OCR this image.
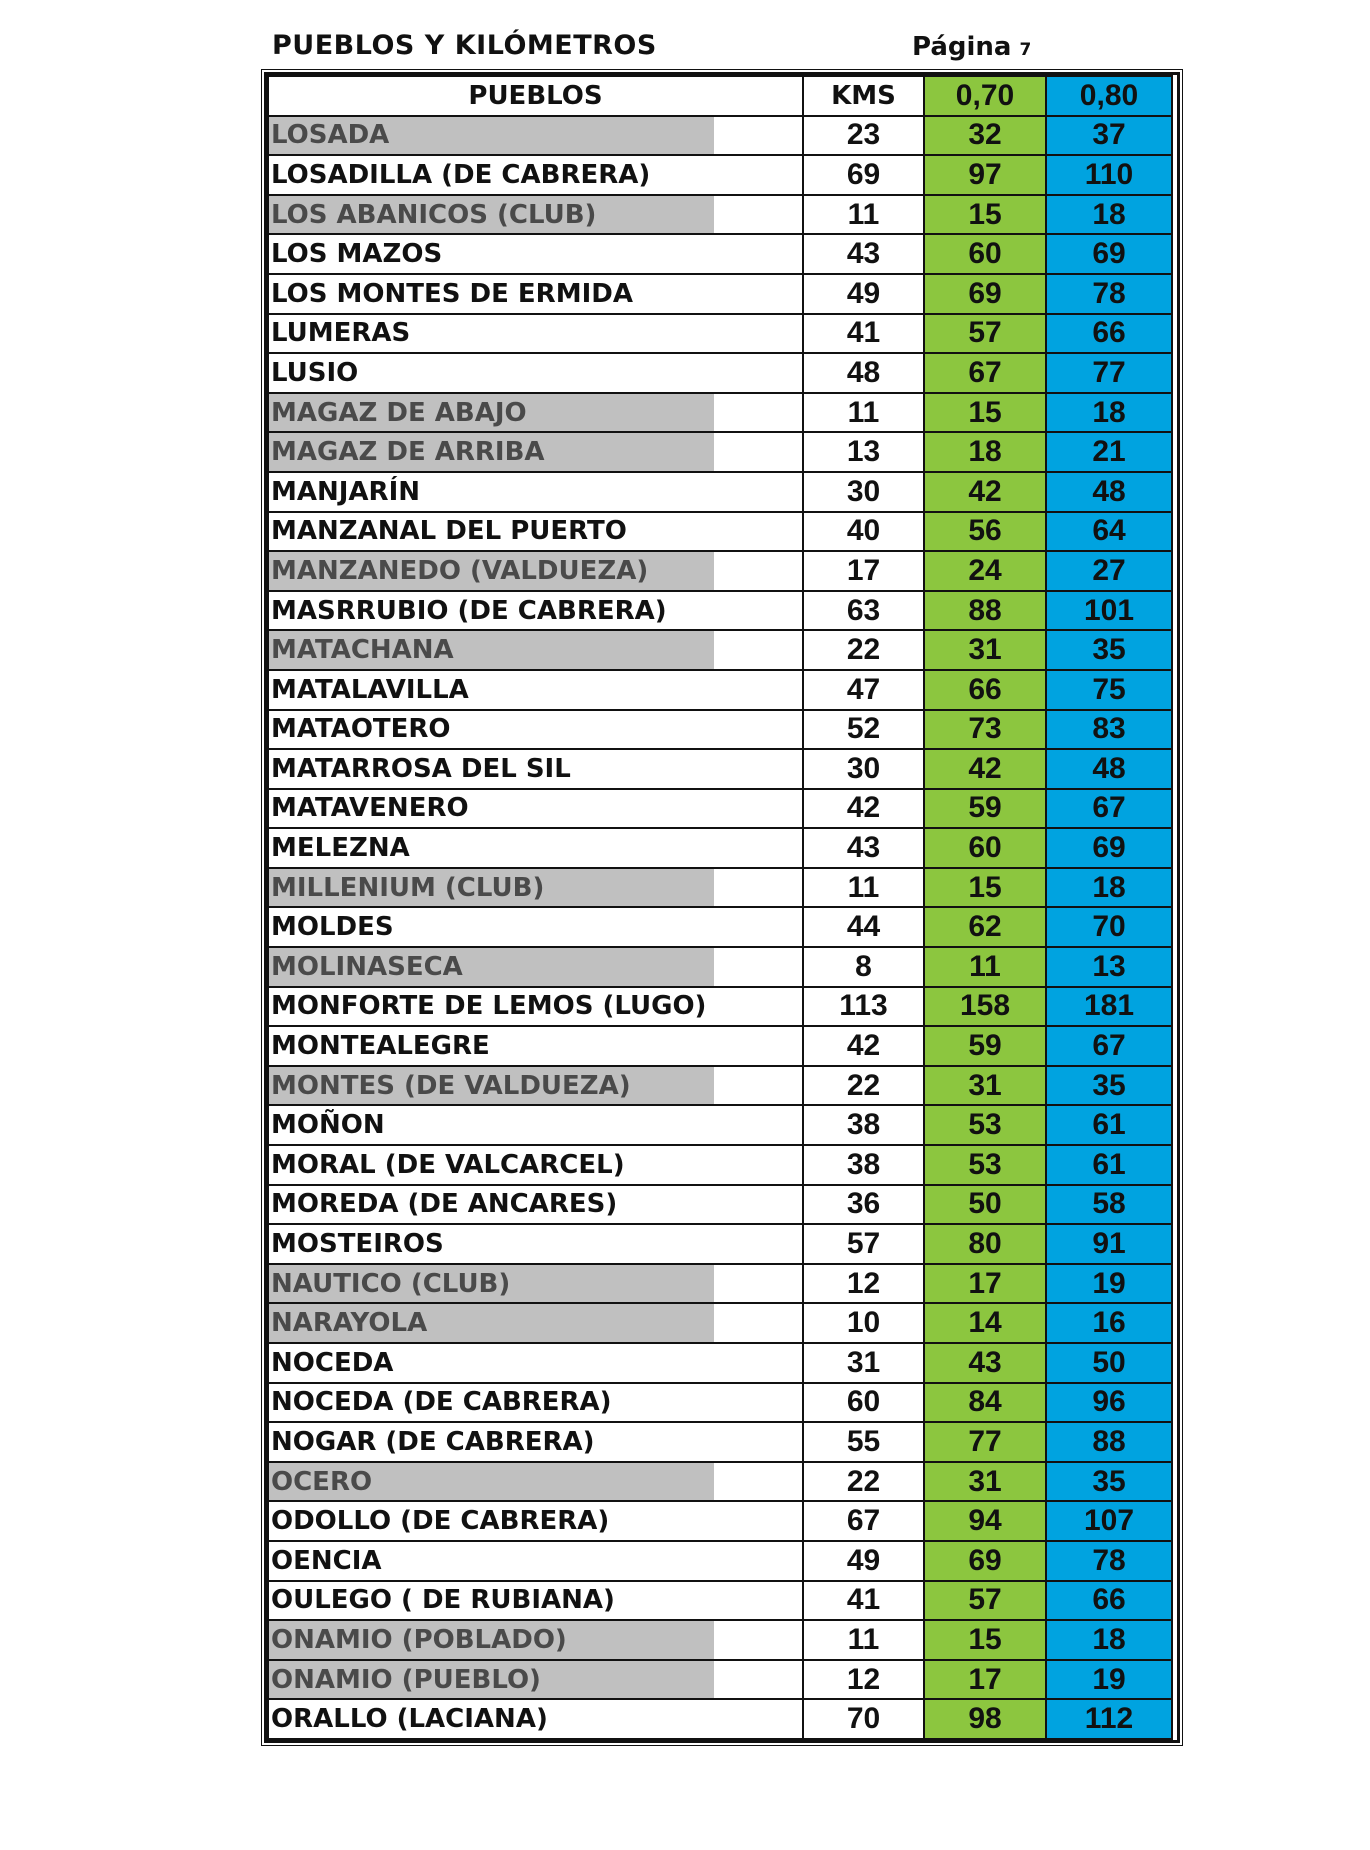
PUEBLOS Y KILÓMETROS	Página 7
PUEBLOS	KMS	0,70	0,80

LOSADA	23	32	37
LOSADILLA (DE CABRERA)	69	97	110

LOS ABANICOS (CLUB)	11	15	18
LOS MAZOS	43	60	69
LOS MONTES DE ERMIDA	49	69	78
LUMERAS	41	57	66
LUSIO	48	67	77

MAGAZ DE ABAJO	11	15	18

MAGAZ DE ARRIBA	13	18	21
MANJARÍN	30	42	48
MANZANAL DEL PUERTO	40	56	64

MANZANEDO (VALDUEZA)	17	24	27
MASRRUBIO (DE CABRERA)	63	88	101

MATACHANA	22	31	35
MATALAVILLA	47	66	75
MATAOTERO	52	73	83
MATARROSA DEL SIL	30	42	48
MATAVENERO	42	59	67
MELEZNA	43	60	69

MILLENIUM (CLUB)	11	15	18
MOLDES	44	62	70

MOLINASECA	8	11	13
MONFORTE DE LEMOS (LUGO)	113	158	181
MONTEALEGRE	42	59	67

MONTES (DE VALDUEZA)	22	31	35
MOÑON	38	53	61
MORAL (DE VALCARCEL)	38	53	61
MOREDA (DE ANCARES)	36	50	58
MOSTEIROS	57	80	91

NAUTICO (CLUB)	12	17	19

NARAYOLA	10	14	16
NOCEDA	31	43	50
NOCEDA (DE CABRERA)	60	84	96
NOGAR (DE CABRERA)	55	77	88

OCERO	22	31	35
ODOLLO (DE CABRERA)	67	94	107
OENCIA	49	69	78
OULEGO ( DE RUBIANA)	41	57	66

ONAMIO (POBLADO)	11	15	18

ONAMIO (PUEBLO)	12	17	19
ORALLO (LACIANA)	70	98	112
